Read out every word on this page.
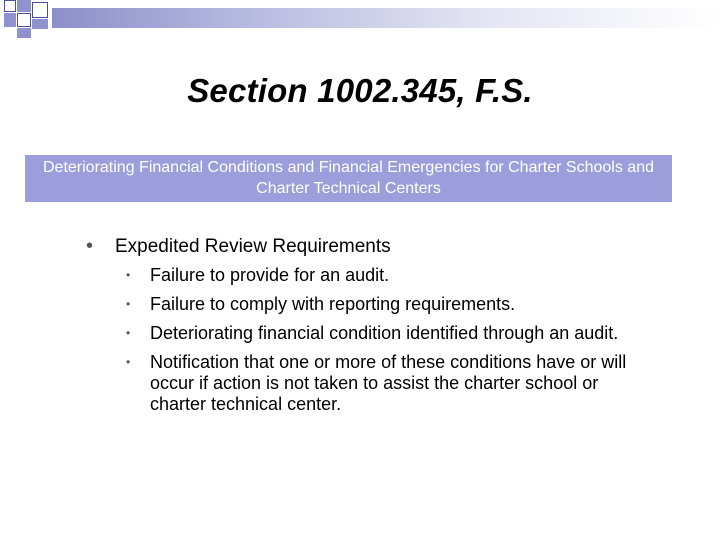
Section 1002.345, F.S.
Deteriorating Financial Conditions and Financial Emergencies for Charter Schools and Charter Technical Centers
• Expedited Review Requirements
• Failure to provide for an audit.
• Failure to comply with reporting requirements.
• Deteriorating financial condition identified through an audit.
• Notification that one or more of these conditions have or will occur if action is not taken to assist the charter school or charter technical center.
